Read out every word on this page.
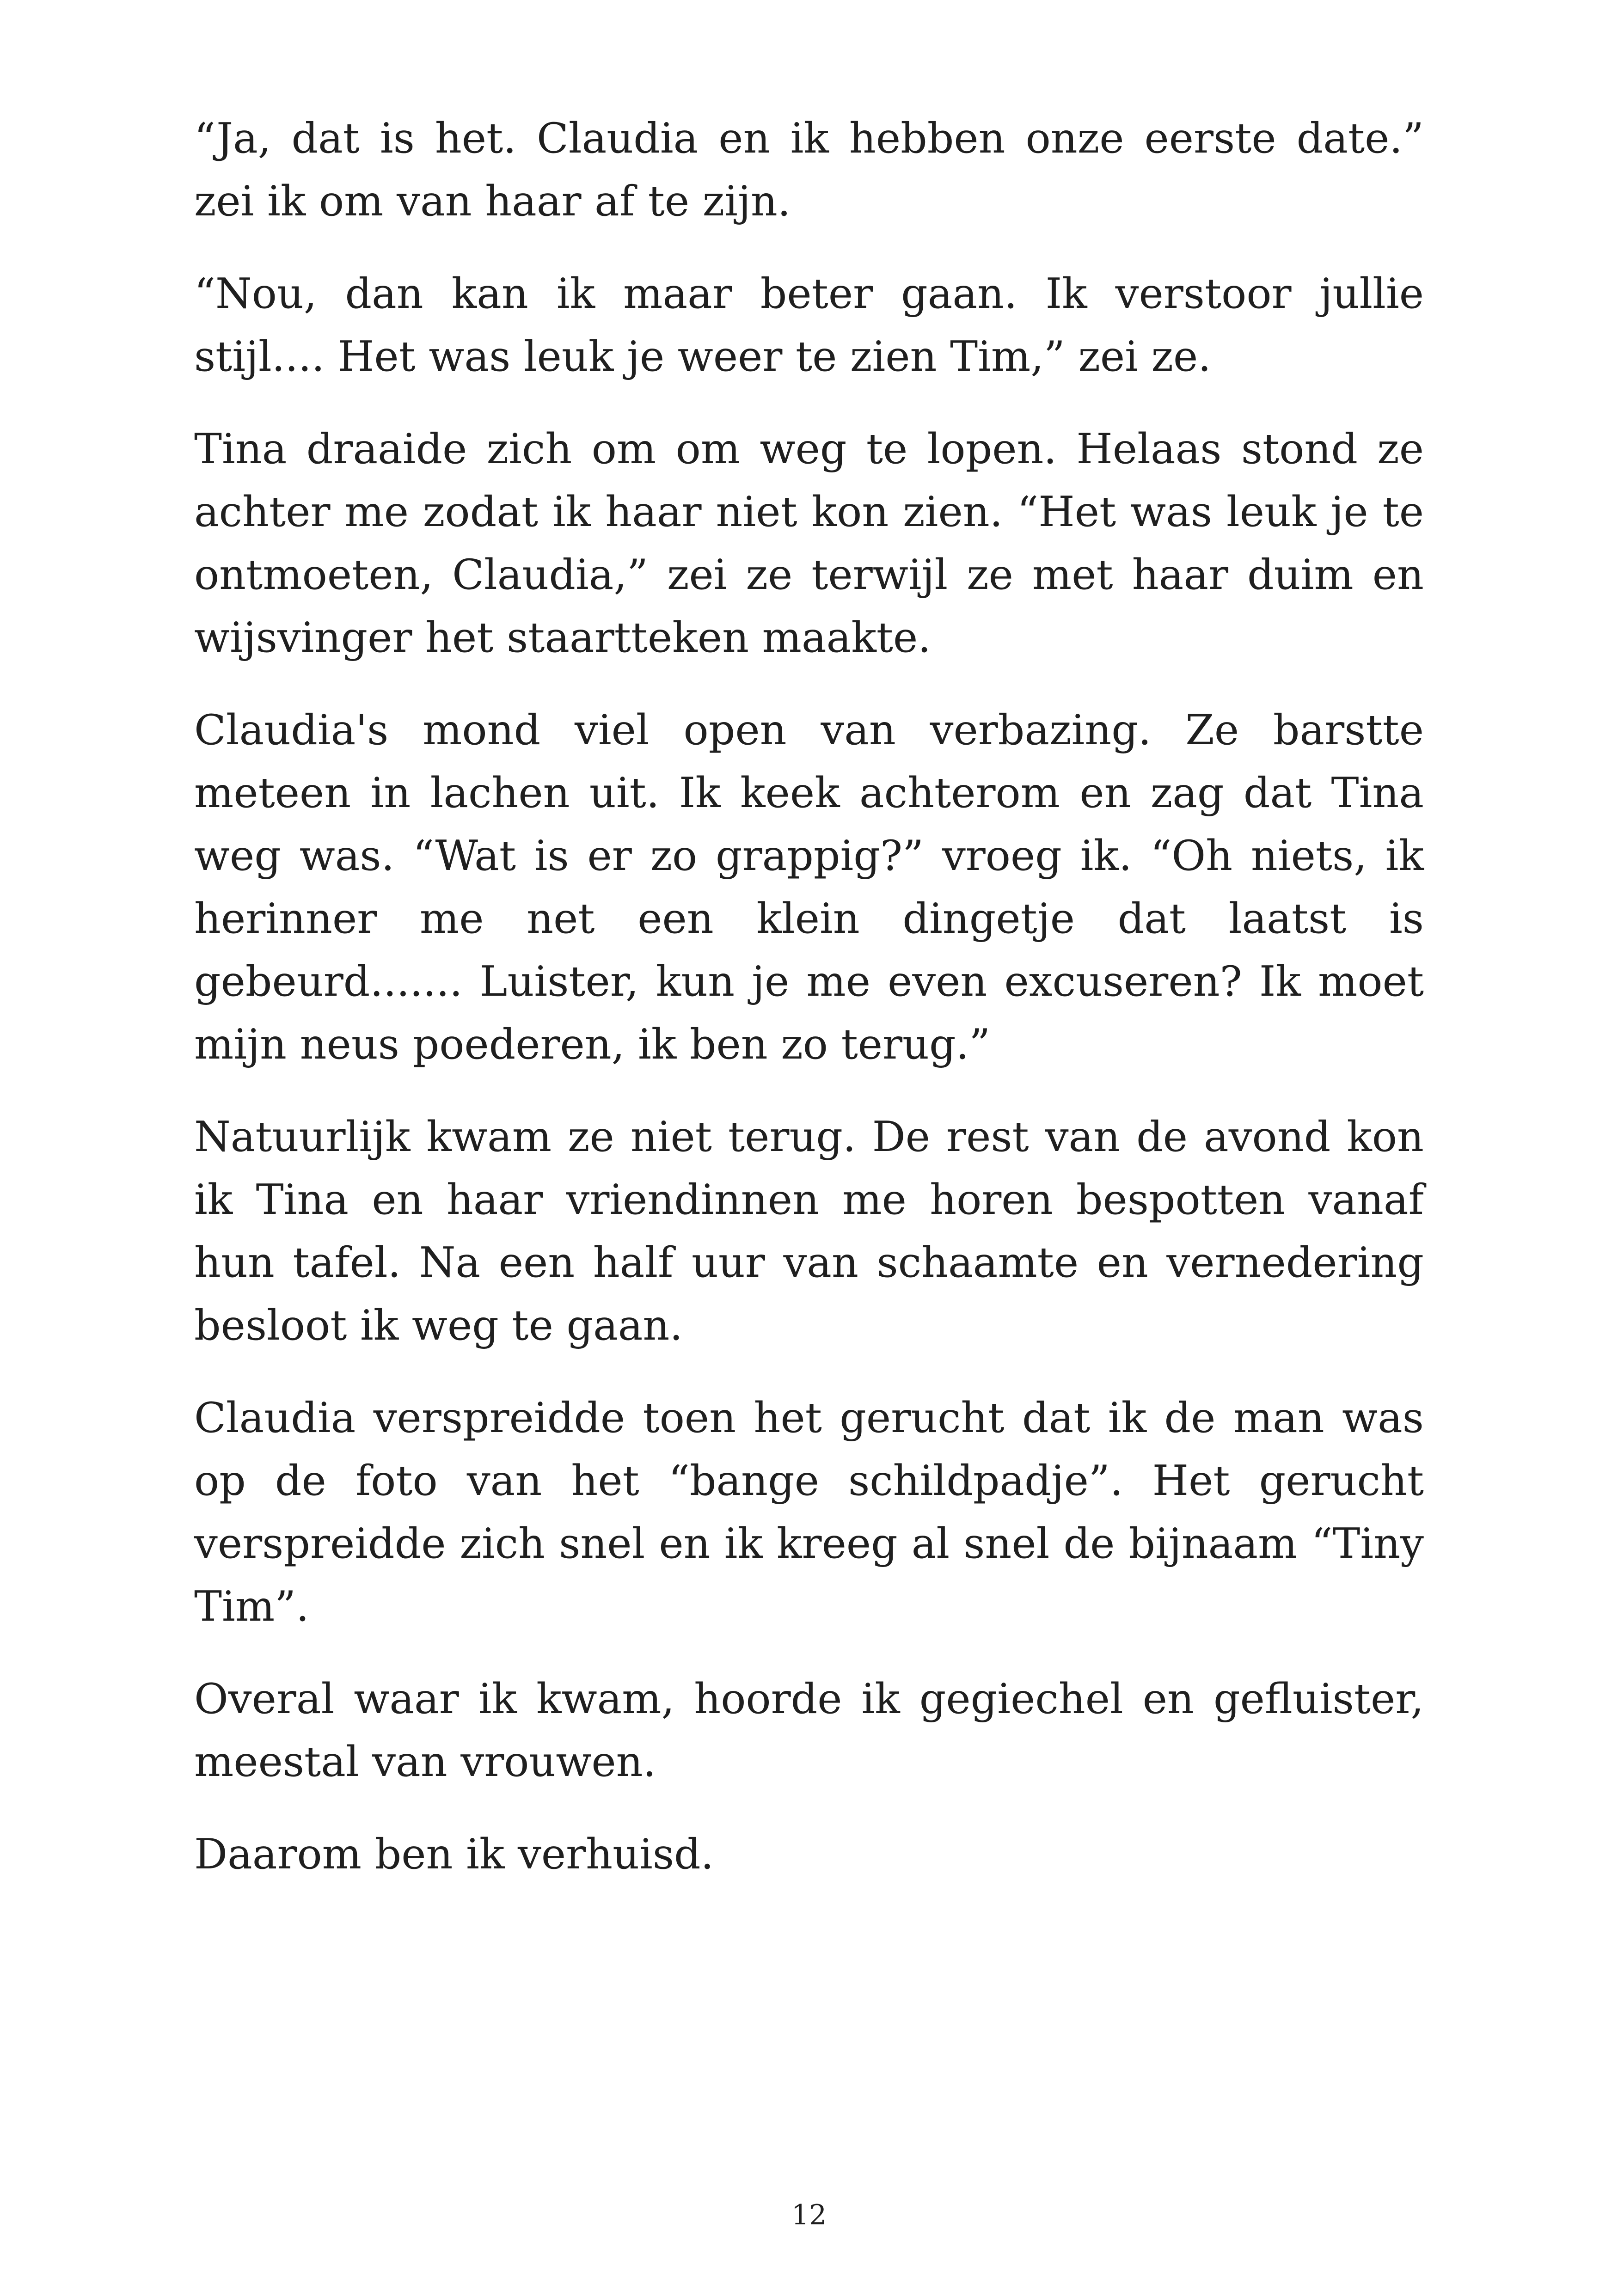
“Ja, dat is het. Claudia en ik hebben onze eerste date.” zei ik om van haar af te zijn.

“Nou, dan kan ik maar beter gaan. Ik verstoor jullie stijl.... Het was leuk je weer te zien Tim,” zei ze.

Tina draaide zich om om weg te lopen. Helaas stond ze achter me zodat ik haar niet kon zien. “Het was leuk je te ontmoeten, Claudia,” zei ze terwijl ze met haar duim en wijsvinger het staartteken maakte.

Claudia's mond viel open van verbazing. Ze barstte meteen in lachen uit. Ik keek achterom en zag dat Tina weg was. “Wat is er zo grappig?” vroeg ik. “Oh niets, ik herinner me net een klein dingetje dat laatst is gebeurd....... Luister, kun je me even excuseren? Ik moet mijn neus poederen, ik ben zo terug.”

Natuurlijk kwam ze niet terug. De rest van de avond kon ik Tina en haar vriendinnen me horen bespotten vanaf hun tafel. Na een half uur van schaamte en vernedering besloot ik weg te gaan.

Claudia verspreidde toen het gerucht dat ik de man was op de foto van het “bange schildpadje”. Het gerucht verspreidde zich snel en ik kreeg al snel de bijnaam “Tiny Tim”.

Overal waar ik kwam, hoorde ik gegiechel en gefluister, meestal van vrouwen.

Daarom ben ik verhuisd.

12
